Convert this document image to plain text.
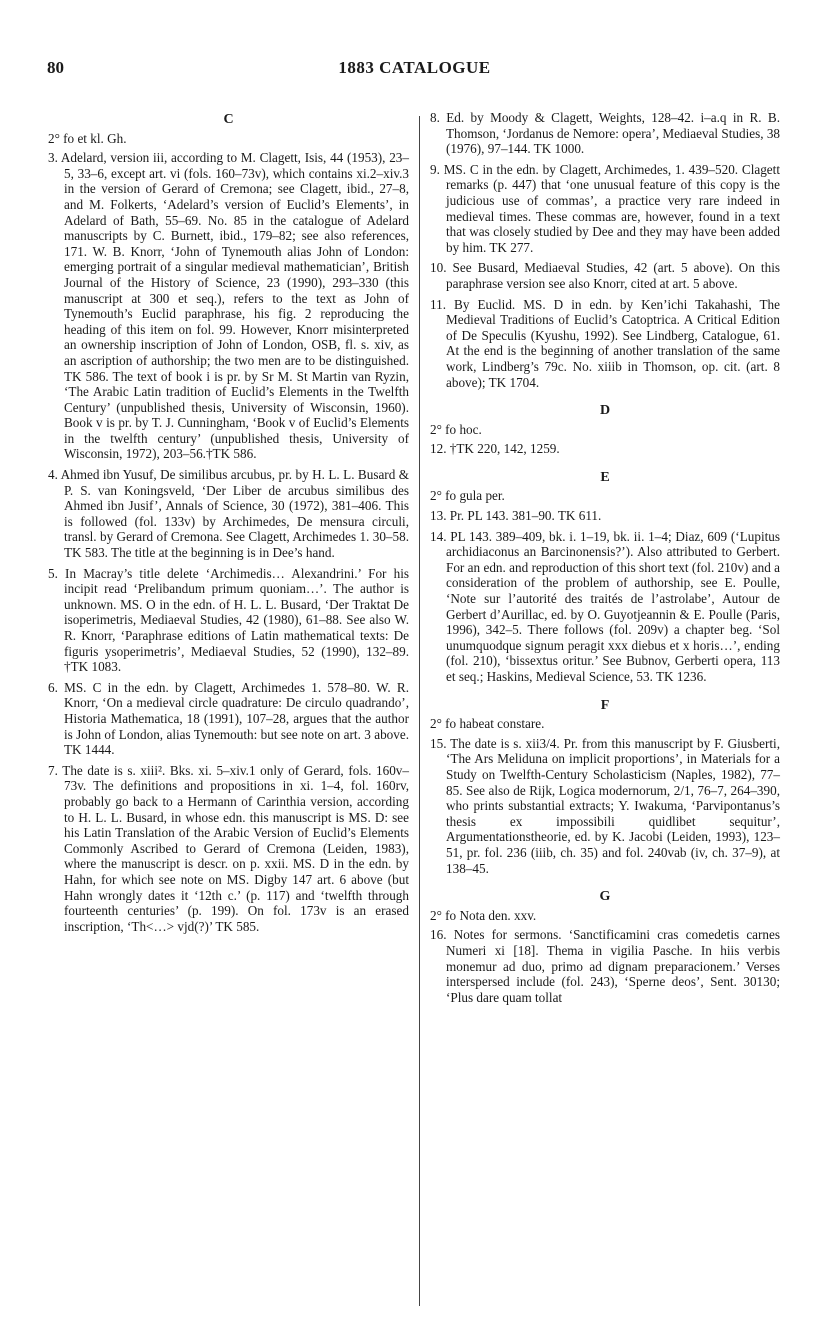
80	1883 CATALOGUE
C

2° fo et kl. Gh.

3. Adelard, version iii, according to M. Clagett, Isis, 44 (1953), 23–5, 33–6, except art. vi (fols. 160–73v), which contains xi.2–xiv.3 in the version of Gerard of Cremona; see Clagett, ibid., 27–8, and M. Folkerts, ‘Adelard’s version of Euclid’s Elements’, in Adelard of Bath, 55–69. No. 85 in the catalogue of Adelard manuscripts by C. Burnett, ibid., 179–82; see also references, 171. W. B. Knorr, ‘John of Tynemouth alias John of London: emerging portrait of a singular medieval mathematician’, British Journal of the History of Science, 23 (1990), 293–330 (this manuscript at 300 et seq.), refers to the text as John of Tynemouth’s Euclid paraphrase, his fig. 2 reproducing the heading of this item on fol. 99. However, Knorr misinterpreted an ownership inscription of John of London, OSB, fl. s. xiv, as an ascription of authorship; the two men are to be distinguished. TK 586. The text of book i is pr. by Sr M. St Martin van Ryzin, ‘The Arabic Latin tradition of Euclid’s Elements in the Twelfth Century’ (unpublished thesis, University of Wisconsin, 1960). Book v is pr. by T. J. Cunningham, ‘Book v of Euclid’s Elements in the twelfth century’ (unpublished thesis, University of Wisconsin, 1972), 203–56.†TK 586.

4. Ahmed ibn Yusuf, De similibus arcubus, pr. by H. L. L. Busard & P. S. van Koningsveld, ‘Der Liber de arcubus similibus des Ahmed ibn Jusif’, Annals of Science, 30 (1972), 381–406. This is followed (fol. 133v) by Archimedes, De mensura circuli, transl. by Gerard of Cremona. See Clagett, Archimedes 1. 30–58. TK 583. The title at the beginning is in Dee’s hand.

5. In Macray’s title delete ‘Archimedis… Alexandrini.’ For his incipit read ‘Prelibandum primum quoniam…’. The author is unknown. MS. O in the edn. of H. L. L. Busard, ‘Der Traktat De isoperimetris, Mediaeval Studies, 42 (1980), 61–88. See also W. R. Knorr, ‘Paraphrase editions of Latin mathematical texts: De figuris ysoperimetris’, Mediaeval Studies, 52 (1990), 132–89. †TK 1083.

6. MS. C in the edn. by Clagett, Archimedes 1. 578–80. W. R. Knorr, ‘On a medieval circle quadrature: De circulo quadrando’, Historia Mathematica, 18 (1991), 107–28, argues that the author is John of London, alias Tynemouth: but see note on art. 3 above. TK 1444.

7. The date is s. xiii². Bks. xi. 5–xiv.1 only of Gerard, fols. 160v–73v. The definitions and propositions in xi. 1–4, fol. 160rv, probably go back to a Hermann of Carinthia version, according to H. L. L. Busard, in whose edn. this manuscript is MS. D: see his Latin Translation of the Arabic Version of Euclid’s Elements Commonly Ascribed to Gerard of Cremona (Leiden, 1983), where the manuscript is descr. on p. xxii. MS. D in the edn. by Hahn, for which see note on MS. Digby 147 art. 6 above (but Hahn wrongly dates it ‘12th c.’ (p. 117) and ‘twelfth through fourteenth centuries’ (p. 199). On fol. 173v is an erased inscription, ‘Th<…> vjd(?)’ TK 585.

8. Ed. by Moody & Clagett, Weights, 128–42. i–a.q in R. B. Thomson, ‘Jordanus de Nemore: opera’, Mediaeval Studies, 38 (1976), 97–144. TK 1000.

9. MS. C in the edn. by Clagett, Archimedes, 1. 439–520. Clagett remarks (p. 447) that ‘one unusual feature of this copy is the judicious use of commas’, a practice very rare indeed in medieval times. These commas are, however, found in a text that was closely studied by Dee and they may have been added by him. TK 277.

10. See Busard, Mediaeval Studies, 42 (art. 5 above). On this paraphrase version see also Knorr, cited at art. 5 above.

11. By Euclid. MS. D in edn. by Ken’ichi Takahashi, The Medieval Traditions of Euclid’s Catoptrica. A Critical Edition of De Speculis (Kyushu, 1992). See Lindberg, Catalogue, 61. At the end is the beginning of another translation of the same work, Lindberg’s 79c. No. xiiib in Thomson, op. cit. (art. 8 above); TK 1704.

D

2° fo hoc.

12. †TK 220, 142, 1259.

E

2° fo gula per.

13. Pr. PL 143. 381–90. TK 611.

14. PL 143. 389–409, bk. i. 1–19, bk. ii. 1–4; Diaz, 609 (‘Lupitus archidiaconus an Barcinonensis?’). Also attributed to Gerbert. For an edn. and reproduction of this short text (fol. 210v) and a consideration of the problem of authorship, see E. Poulle, ‘Note sur l’autorité des traités de l’astrolabe’, Autour de Gerbert d’Aurillac, ed. by O. Guyotjeannin & E. Poulle (Paris, 1996), 342–5. There follows (fol. 209v) a chapter beg. ‘Sol unumquodque signum peragit xxx diebus et x horis…’, ending (fol. 210), ‘bissextus oritur.’ See Bubnov, Gerberti opera, 113 et seq.; Haskins, Medieval Science, 53. TK 1236.

F

2° fo habeat constare.

15. The date is s. xii3/4. Pr. from this manuscript by F. Giusberti, ‘The Ars Meliduna on implicit proportions’, in Materials for a Study on Twelfth-Century Scholasticism (Naples, 1982), 77–85. See also de Rijk, Logica modernorum, 2/1, 76–7, 264–390, who prints substantial extracts; Y. Iwakuma, ‘Parvipontanus’s thesis ex impossibili quidlibet sequitur’, Argumentationstheorie, ed. by K. Jacobi (Leiden, 1993), 123–51, pr. fol. 236 (iiib, ch. 35) and fol. 240vab (iv, ch. 37–9), at 138–45.

G

2° fo Nota den. xxv.

16. Notes for sermons. ‘Sanctificamini cras comedetis carnes Numeri xi [18]. Thema in vigilia Pasche. In hiis verbis monemur ad duo, primo ad dignam preparacionem.’ Verses interspersed include (fol. 243), ‘Sperne deos’, Sent. 30130; ‘Plus dare quam tollat
